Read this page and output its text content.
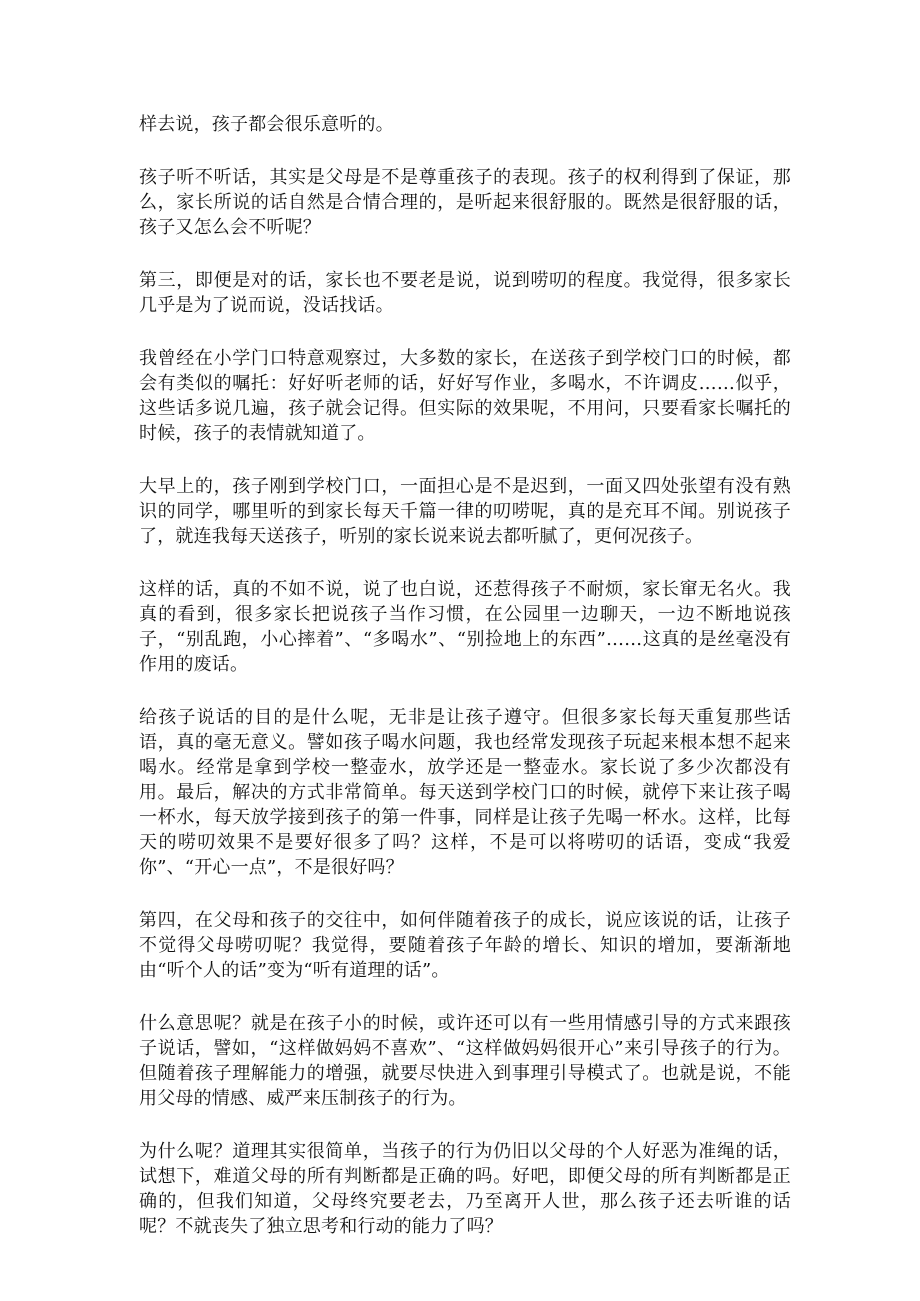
样去说，孩子都会很乐意听的。

孩子听不听话，其实是父母是不是尊重孩子的表现。孩子的权利得到了保证，那么，家长所说的话自然是合情合理的，是听起来很舒服的。既然是很舒服的话，孩子又怎么会不听呢？

第三，即便是对的话，家长也不要老是说，说到唠叨的程度。我觉得，很多家长几乎是为了说而说，没话找话。

我曾经在小学门口特意观察过，大多数的家长，在送孩子到学校门口的时候，都会有类似的嘱托：好好听老师的话，好好写作业，多喝水，不许调皮……似乎，这些话多说几遍，孩子就会记得。但实际的效果呢，不用问，只要看家长嘱托的时候，孩子的表情就知道了。

大早上的，孩子刚到学校门口，一面担心是不是迟到，一面又四处张望有没有熟识的同学，哪里听的到家长每天千篇一律的叨唠呢，真的是充耳不闻。别说孩子了，就连我每天送孩子，听别的家长说来说去都听腻了，更何况孩子。

这样的话，真的不如不说，说了也白说，还惹得孩子不耐烦，家长窜无名火。我真的看到，很多家长把说孩子当作习惯，在公园里一边聊天，一边不断地说孩子，“别乱跑，小心摔着”、“多喝水”、“别捡地上的东西”……这真的是丝毫没有作用的废话。

给孩子说话的目的是什么呢，无非是让孩子遵守。但很多家长每天重复那些话语，真的毫无意义。譬如孩子喝水问题，我也经常发现孩子玩起来根本想不起来喝水。经常是拿到学校一整壶水，放学还是一整壶水。家长说了多少次都没有用。最后，解决的方式非常简单。每天送到学校门口的时候，就停下来让孩子喝一杯水，每天放学接到孩子的第一件事，同样是让孩子先喝一杯水。这样，比每天的唠叨效果不是要好很多了吗？这样，不是可以将唠叨的话语，变成“我爱你”、“开心一点”，不是很好吗？

第四，在父母和孩子的交往中，如何伴随着孩子的成长，说应该说的话，让孩子不觉得父母唠叨呢？我觉得，要随着孩子年龄的增长、知识的增加，要渐渐地由“听个人的话”变为“听有道理的话”。

什么意思呢？就是在孩子小的时候，或许还可以有一些用情感引导的方式来跟孩子说话，譬如，“这样做妈妈不喜欢”、“这样做妈妈很开心”来引导孩子的行为。但随着孩子理解能力的增强，就要尽快进入到事理引导模式了。也就是说，不能用父母的情感、威严来压制孩子的行为。

为什么呢？道理其实很简单，当孩子的行为仍旧以父母的个人好恶为准绳的话，试想下，难道父母的所有判断都是正确的吗。好吧，即便父母的所有判断都是正确的，但我们知道，父母终究要老去，乃至离开人世，那么孩子还去听谁的话呢？不就丧失了独立思考和行动的能力了吗？
